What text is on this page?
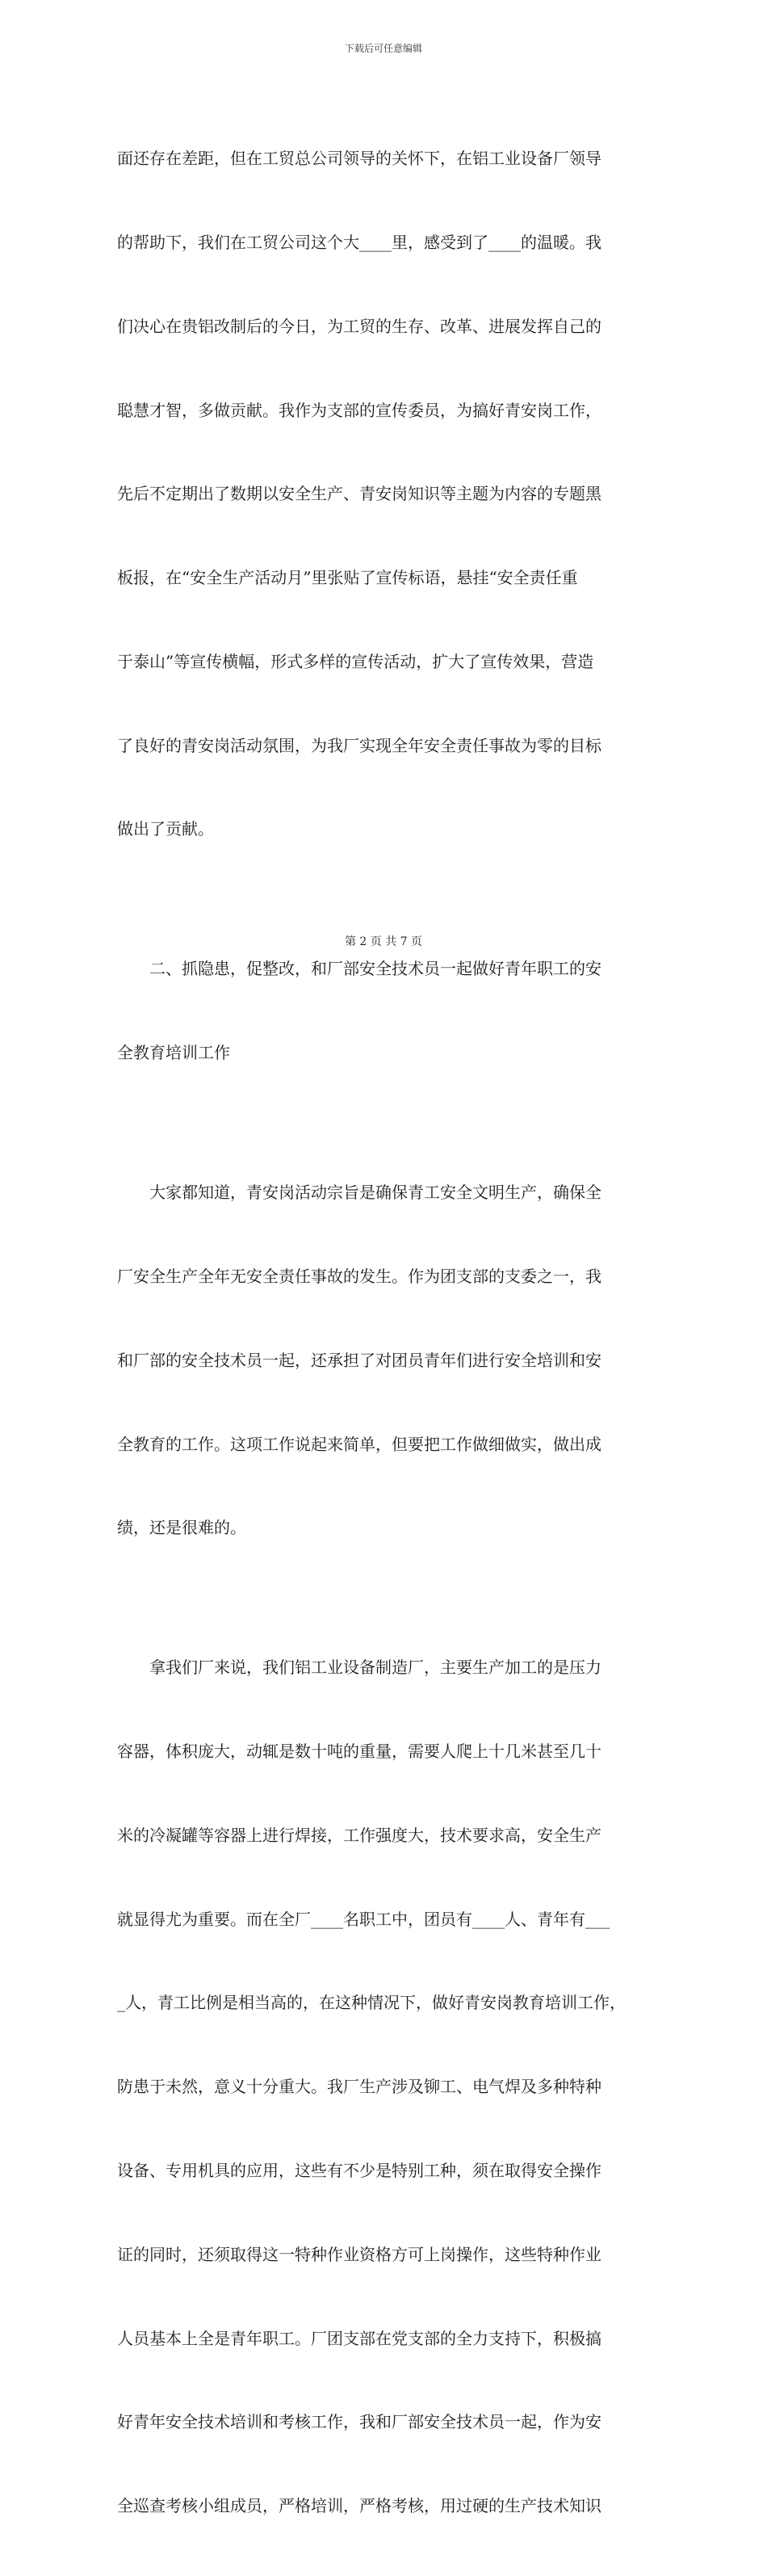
下载后可任意编辑

面还存在差距，但在工贸总公司领导的关怀下，在铝工业设备厂领导

的帮助下，我们在工贸公司这个大____里，感受到了____的温暖。我

们决心在贵铝改制后的今日，为工贸的生存、改革、进展发挥自己的

聪慧才智，多做贡献。我作为支部的宣传委员，为搞好青安岗工作，

先后不定期出了数期以安全生产、青安岗知识等主题为内容的专题黑

板报，在“安全生产活动月”里张贴了宣传标语，悬挂“安全责任重

于泰山”等宣传横幅，形式多样的宣传活动，扩大了宣传效果，营造

了良好的青安岗活动氛围，为我厂实现全年安全责任事故为零的目标

做出了贡献。

　　二、抓隐患，促整改，和厂部安全技术员一起做好青年职工的安

全教育培训工作

　　大家都知道，青安岗活动宗旨是确保青工安全文明生产，确保全

厂安全生产全年无安全责任事故的发生。作为团支部的支委之一，我

和厂部的安全技术员一起，还承担了对团员青年们进行安全培训和安

全教育的工作。这项工作说起来简单，但要把工作做细做实，做出成

绩，还是很难的。

　　拿我们厂来说，我们铝工业设备制造厂，主要生产加工的是压力

容器，体积庞大，动辄是数十吨的重量，需要人爬上十几米甚至几十

米的冷凝罐等容器上进行焊接，工作强度大，技术要求高，安全生产

就显得尤为重要。而在全厂____名职工中，团员有____人、青年有___

_人，青工比例是相当高的，在这种情况下，做好青安岗教育培训工作，

防患于未然，意义十分重大。我厂生产涉及铆工、电气焊及多种特种

设备、专用机具的应用，这些有不少是特别工种，须在取得安全操作

证的同时，还须取得这一特种作业资格方可上岗操作，这些特种作业

人员基本上全是青年职工。厂团支部在党支部的全力支持下，积极搞

好青年安全技术培训和考核工作，我和厂部安全技术员一起，作为安

全巡查考核小组成员，严格培训，严格考核，用过硬的生产技术知识

第 2 页 共 7 页
